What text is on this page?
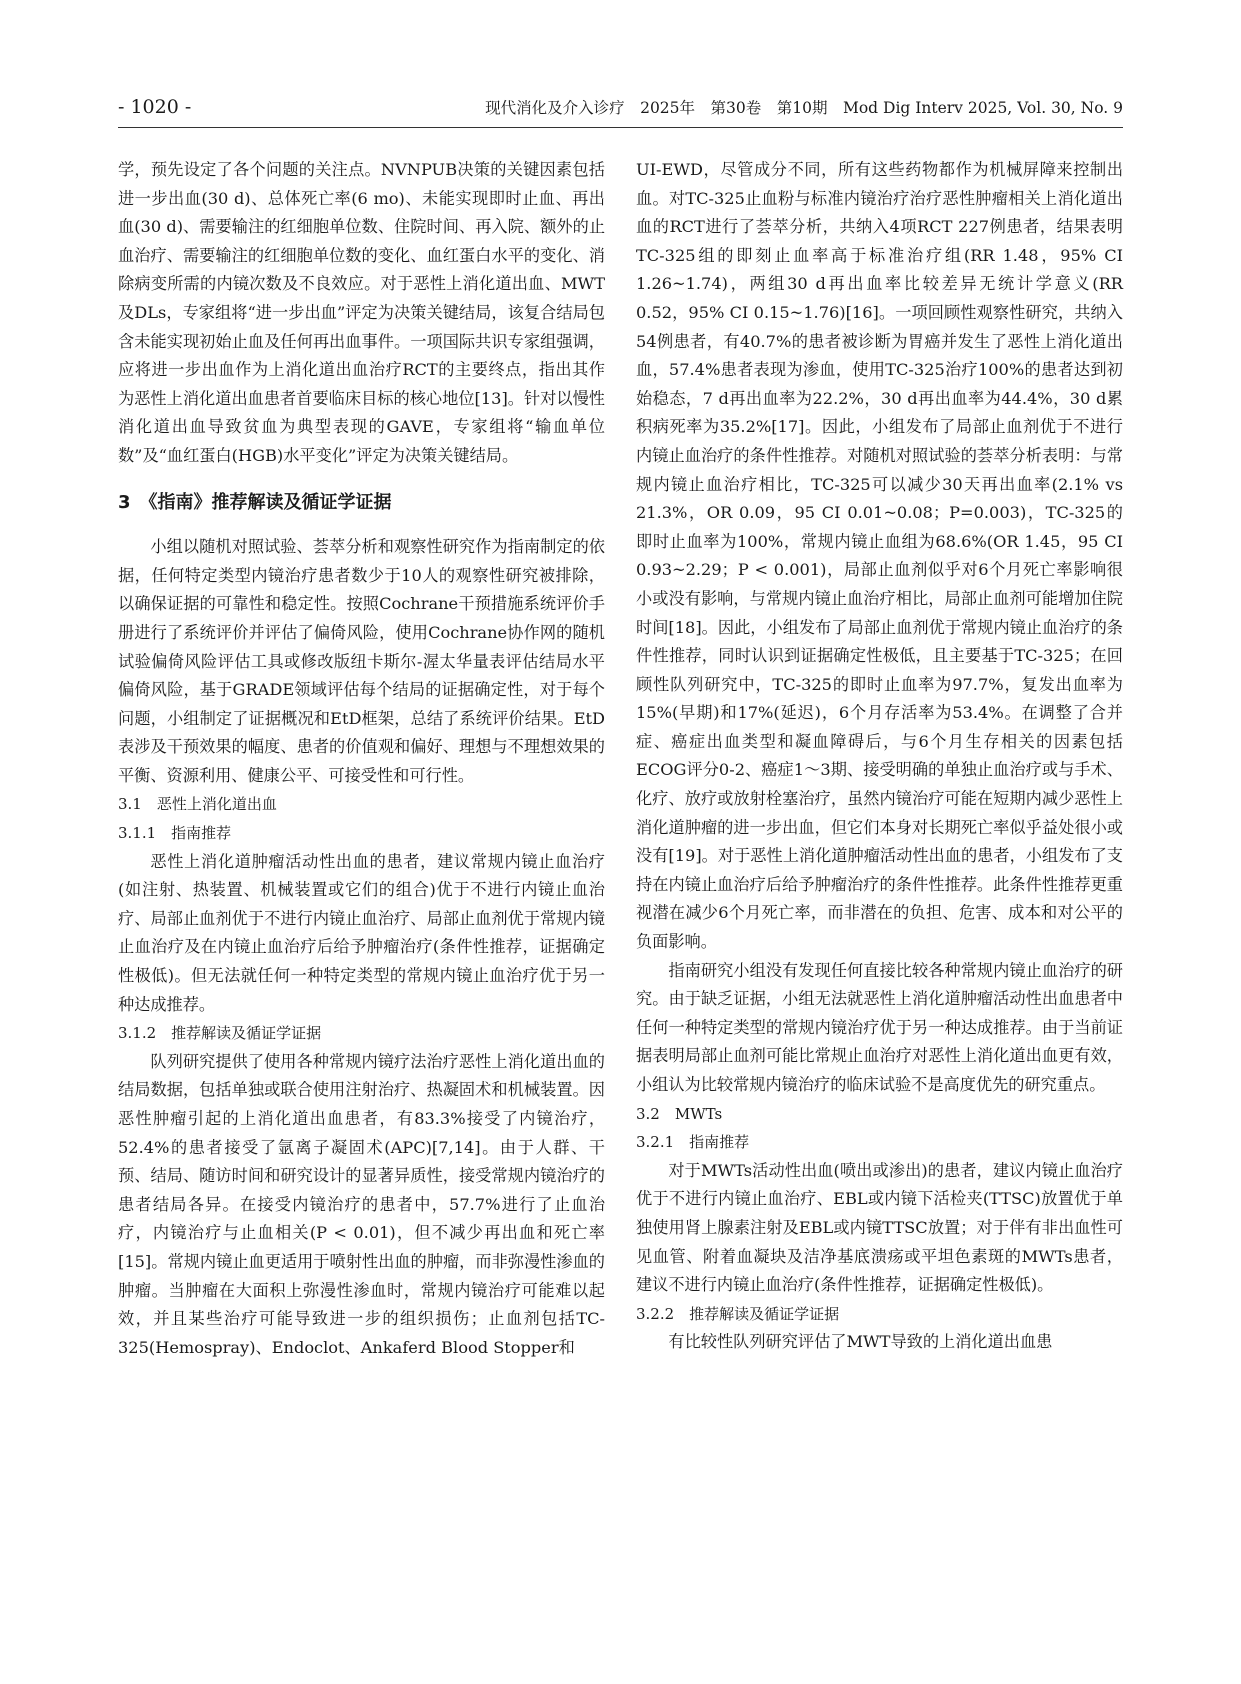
- 1020 -	现代消化及介入诊疗　2025年　第30卷　第10期　Mod Dig Interv 2025, Vol. 30, No. 9

学，预先设定了各个问题的关注点。NVNPUB决策的关键因素包括进一步出血(30 d)、总体死亡率(6 mo)、未能实现即时止血、再出血(30 d)、需要输注的红细胞单位数、住院时间、再入院、额外的止血治疗、需要输注的红细胞单位数的变化、血红蛋白水平的变化、消除病变所需的内镜次数及不良效应。对于恶性上消化道出血、MWT及DLs，专家组将“进一步出血”评定为决策关键结局，该复合结局包含未能实现初始止血及任何再出血事件。一项国际共识专家组强调，应将进一步出血作为上消化道出血治疗RCT的主要终点，指出其作为恶性上消化道出血患者首要临床目标的核心地位[13]。针对以慢性消化道出血导致贫血为典型表现的GAVE，专家组将“输血单位数”及“血红蛋白(HGB)水平变化”评定为决策关键结局。

3　《指南》推荐解读及循证学证据

小组以随机对照试验、荟萃分析和观察性研究作为指南制定的依据，任何特定类型内镜治疗患者数少于10人的观察性研究被排除，以确保证据的可靠性和稳定性。按照Cochrane干预措施系统评价手册进行了系统评价并评估了偏倚风险，使用Cochrane协作网的随机试验偏倚风险评估工具或修改版纽卡斯尔-渥太华量表评估结局水平偏倚风险，基于GRADE领域评估每个结局的证据确定性，对于每个问题，小组制定了证据概况和EtD框架，总结了系统评价结果。EtD表涉及干预效果的幅度、患者的价值观和偏好、理想与不理想效果的平衡、资源利用、健康公平、可接受性和可行性。

3.1　恶性上消化道出血

3.1.1　指南推荐

恶性上消化道肿瘤活动性出血的患者，建议常规内镜止血治疗(如注射、热装置、机械装置或它们的组合)优于不进行内镜止血治疗、局部止血剂优于不进行内镜止血治疗、局部止血剂优于常规内镜止血治疗及在内镜止血治疗后给予肿瘤治疗(条件性推荐，证据确定性极低)。但无法就任何一种特定类型的常规内镜止血治疗优于另一种达成推荐。

3.1.2　推荐解读及循证学证据

队列研究提供了使用各种常规内镜疗法治疗恶性上消化道出血的结局数据，包括单独或联合使用注射治疗、热凝固术和机械装置。因恶性肿瘤引起的上消化道出血患者，有83.3%接受了内镜治疗，52.4%的患者接受了氩离子凝固术(APC)[7,14]。由于人群、干预、结局、随访时间和研究设计的显著异质性，接受常规内镜治疗的患者结局各异。在接受内镜治疗的患者中，57.7%进行了止血治疗，内镜治疗与止血相关(P < 0.01)，但不减少再出血和死亡率[15]。常规内镜止血更适用于喷射性出血的肿瘤，而非弥漫性渗血的肿瘤。当肿瘤在大面积上弥漫性渗血时，常规内镜治疗可能难以起效，并且某些治疗可能导致进一步的组织损伤；止血剂包括TC-325(Hemospray)、Endoclot、Ankaferd Blood Stopper和

UI-EWD，尽管成分不同，所有这些药物都作为机械屏障来控制出血。对TC-325止血粉与标准内镜治疗治疗恶性肿瘤相关上消化道出血的RCT进行了荟萃分析，共纳入4项RCT 227例患者，结果表明TC-325组的即刻止血率高于标准治疗组(RR 1.48，95% CI 1.26~1.74)，两组30 d再出血率比较差异无统计学意义(RR 0.52，95% CI 0.15~1.76)[16]。一项回顾性观察性研究，共纳入54例患者，有40.7%的患者被诊断为胃癌并发生了恶性上消化道出血，57.4%患者表现为渗血，使用TC-325治疗100%的患者达到初始稳态，7 d再出血率为22.2%，30 d再出血率为44.4%，30 d累积病死率为35.2%[17]。因此，小组发布了局部止血剂优于不进行内镜止血治疗的条件性推荐。对随机对照试验的荟萃分析表明：与常规内镜止血治疗相比，TC-325可以减少30天再出血率(2.1% vs 21.3%，OR 0.09，95 CI 0.01~0.08；P=0.003)，TC-325的即时止血率为100%，常规内镜止血组为68.6%(OR 1.45，95 CI 0.93~2.29；P < 0.001)，局部止血剂似乎对6个月死亡率影响很小或没有影响，与常规内镜止血治疗相比，局部止血剂可能增加住院时间[18]。因此，小组发布了局部止血剂优于常规内镜止血治疗的条件性推荐，同时认识到证据确定性极低，且主要基于TC-325；在回顾性队列研究中，TC-325的即时止血率为97.7%，复发出血率为15%(早期)和17%(延迟)，6个月存活率为53.4%。在调整了合并症、癌症出血类型和凝血障碍后，与6个月生存相关的因素包括ECOG评分0-2、癌症1～3期、接受明确的单独止血治疗或与手术、化疗、放疗或放射栓塞治疗，虽然内镜治疗可能在短期内减少恶性上消化道肿瘤的进一步出血，但它们本身对长期死亡率似乎益处很小或没有[19]。对于恶性上消化道肿瘤活动性出血的患者，小组发布了支持在内镜止血治疗后给予肿瘤治疗的条件性推荐。此条件性推荐更重视潜在减少6个月死亡率，而非潜在的负担、危害、成本和对公平的负面影响。

指南研究小组没有发现任何直接比较各种常规内镜止血治疗的研究。由于缺乏证据，小组无法就恶性上消化道肿瘤活动性出血患者中任何一种特定类型的常规内镜治疗优于另一种达成推荐。由于当前证据表明局部止血剂可能比常规止血治疗对恶性上消化道出血更有效，小组认为比较常规内镜治疗的临床试验不是高度优先的研究重点。

3.2　MWTs

3.2.1　指南推荐

对于MWTs活动性出血(喷出或渗出)的患者，建议内镜止血治疗优于不进行内镜止血治疗、EBL或内镜下活检夹(TTSC)放置优于单独使用肾上腺素注射及EBL或内镜TTSC放置；对于伴有非出血性可见血管、附着血凝块及洁净基底溃疡或平坦色素斑的MWTs患者，建议不进行内镜止血治疗(条件性推荐，证据确定性极低)。

3.2.2　推荐解读及循证学证据

有比较性队列研究评估了MWT导致的上消化道出血患
